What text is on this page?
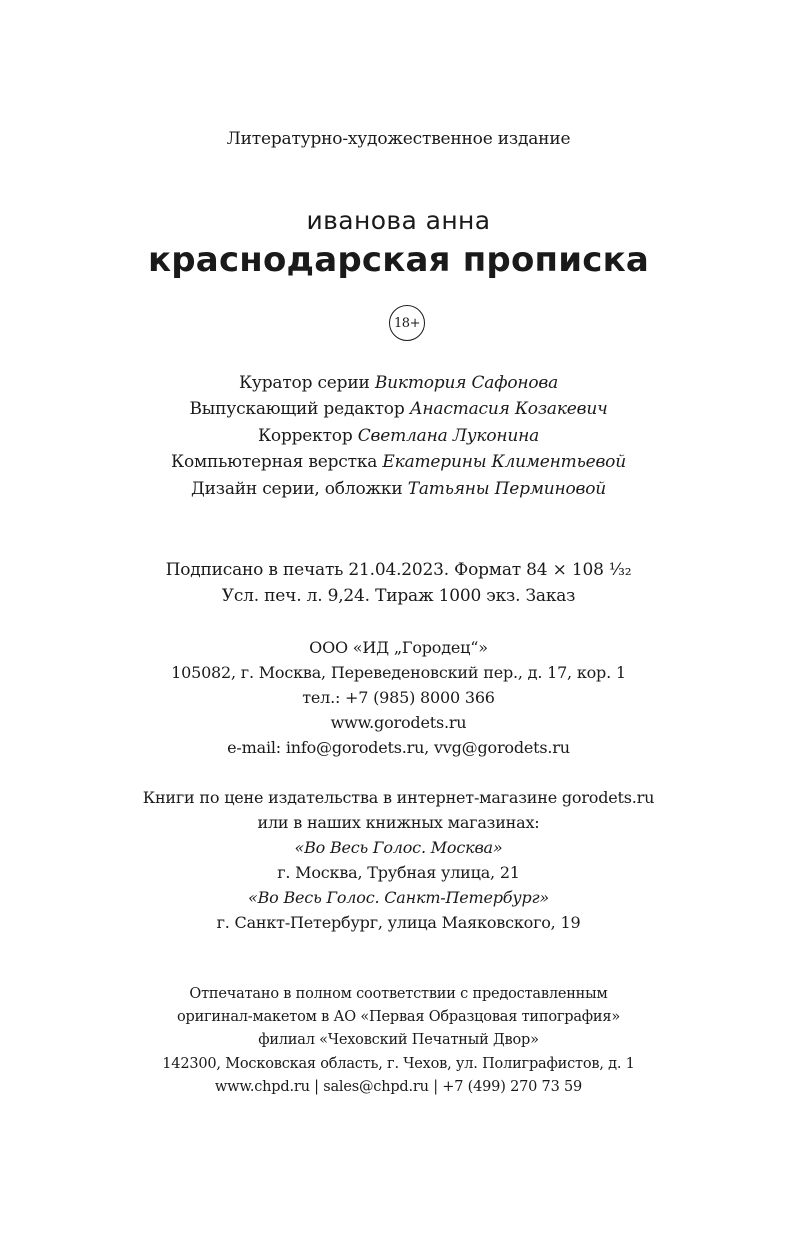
Литературно-художественное издание
иванова анна
краснодарская прописка
18+
Куратор серии Виктория Сафонова
Выпускающий редактор Анастасия Козакевич
Корректор Светлана Луконина
Компьютерная верстка Екатерины Климентьевой
Дизайн серии, обложки Татьяны Перминовой
Подписано в печать 21.04.2023. Формат 84 × 108 ¹⁄₃₂
Усл. печ. л. 9,24. Тираж 1000 экз. Заказ
ООО «ИД „Городец“»
105082, г. Москва, Переведеновский пер., д. 17, кор. 1
тел.: +7 (985) 8000 366
www.gorodets.ru
e-mail: info@gorodets.ru, vvg@gorodets.ru
Книги по цене издательства в интернет-магазине gorodets.ru
или в наших книжных магазинах:
«Во Весь Голос. Москва»
г. Москва, Трубная улица, 21
«Во Весь Голос. Санкт-Петербург»
г. Санкт-Петербург, улица Маяковского, 19
Отпечатано в полном соответствии с предоставленным
оригинал-макетом в АО «Первая Образцовая типография»
филиал «Чеховский Печатный Двор»
142300, Московская область, г. Чехов, ул. Полиграфистов, д. 1
www.chpd.ru | sales@chpd.ru | +7 (499) 270 73 59
